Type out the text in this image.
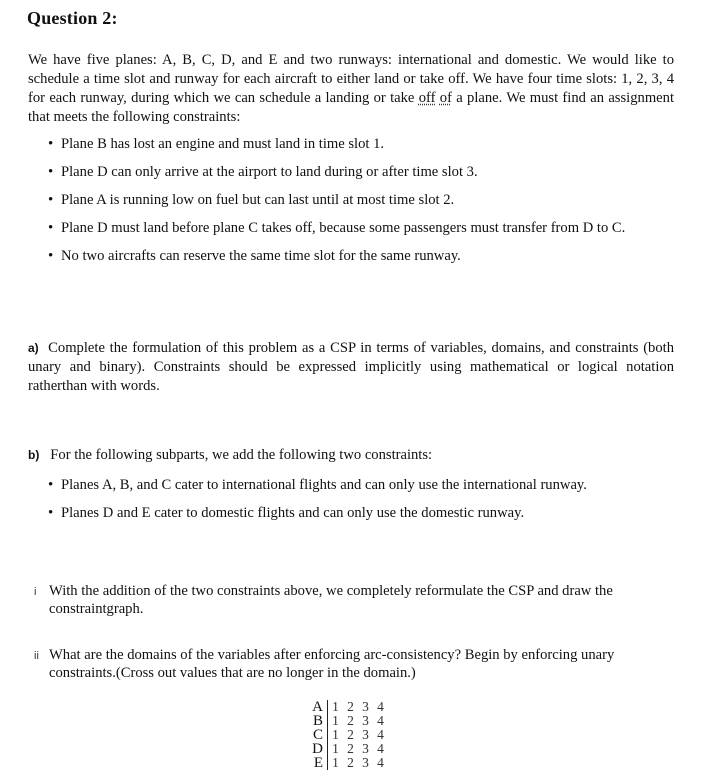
Question 2:

We have five planes: A, B, C, D, and E and two runways: international and domestic. We would like to schedule a time slot and runway for each aircraft to either land or take off. We have four time slots: 1, 2, 3, 4 for each runway, during which we can schedule a landing or take off of a plane. We must find an assignment that meets the following constraints:

• Plane B has lost an engine and must land in time slot 1.
• Plane D can only arrive at the airport to land during or after time slot 3.
• Plane A is running low on fuel but can last until at most time slot 2.
• Plane D must land before plane C takes off, because some passengers must transfer from D to C.
• No two aircrafts can reserve the same time slot for the same runway.

a) Complete the formulation of this problem as a CSP in terms of variables, domains, and constraints (both unary and binary). Constraints should be expressed implicitly using mathematical or logical notation ratherthan with words.

b) For the following subparts, we add the following two constraints:

• Planes A, B, and C cater to international flights and can only use the international runway.
• Planes D and E cater to domestic flights and can only use the domestic runway.
i With the addition of the two constraints above, we completely reformulate the CSP and draw the constraintgraph.
ii What are the domains of the variables after enforcing arc-consistency? Begin by enforcing unary constraints.(Cross out values that are no longer in the domain.)
A	1	2	3	4
B	1	2	3	4
C	1	2	3	4
D	1	2	3	4
E	1	2	3	4
